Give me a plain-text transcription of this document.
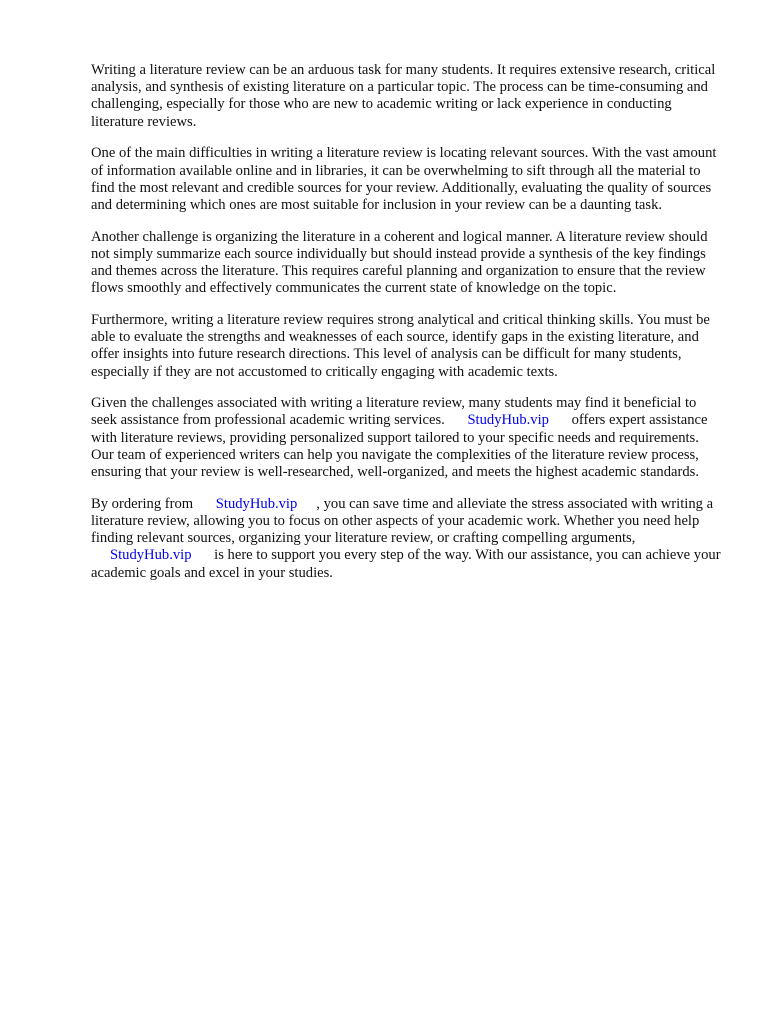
Writing a literature review can be an arduous task for many students. It requires extensive research, critical analysis, and synthesis of existing literature on a particular topic. The process can be time-consuming and challenging, especially for those who are new to academic writing or lack experience in conducting literature reviews.

One of the main difficulties in writing a literature review is locating relevant sources. With the vast amount of information available online and in libraries, it can be overwhelming to sift through all the material to find the most relevant and credible sources for your review. Additionally, evaluating the quality of sources and determining which ones are most suitable for inclusion in your review can be a daunting task.

Another challenge is organizing the literature in a coherent and logical manner. A literature review should not simply summarize each source individually but should instead provide a synthesis of the key findings and themes across the literature. This requires careful planning and organization to ensure that the review flows smoothly and effectively communicates the current state of knowledge on the topic.

Furthermore, writing a literature review requires strong analytical and critical thinking skills. You must be able to evaluate the strengths and weaknesses of each source, identify gaps in the existing literature, and offer insights into future research directions. This level of analysis can be difficult for many students, especially if they are not accustomed to critically engaging with academic texts.

Given the challenges associated with writing a literature review, many students may find it beneficial to seek assistance from professional academic writing services. StudyHub.vip offers expert assistance with literature reviews, providing personalized support tailored to your specific needs and requirements. Our team of experienced writers can help you navigate the complexities of the literature review process, ensuring that your review is well-researched, well-organized, and meets the highest academic standards.

By ordering from StudyHub.vip , you can save time and alleviate the stress associated with writing a literature review, allowing you to focus on other aspects of your academic work. Whether you need help finding relevant sources, organizing your literature review, or crafting compelling arguments, StudyHub.vip is here to support you every step of the way. With our assistance, you can achieve your academic goals and excel in your studies.
